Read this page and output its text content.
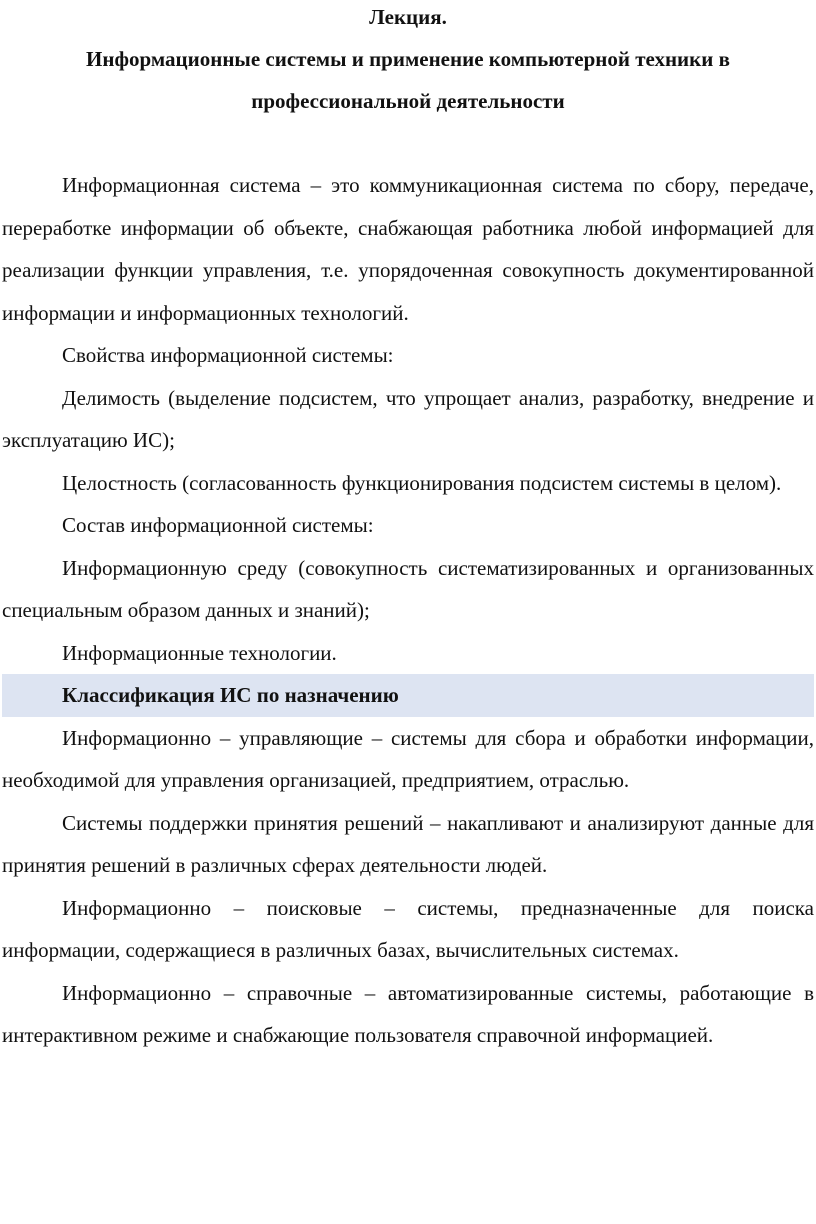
Лекция.

Информационные системы и применение компьютерной техники в профессиональной деятельности

Информационная система – это коммуникационная система по сбору, передаче, переработке информации об объекте, снабжающая работника любой информацией для реализации функции управления, т.е. упорядоченная совокупность документированной информации и информационных технологий.

Свойства информационной системы:

Делимость (выделение подсистем, что упрощает анализ, разработку, внедрение и эксплуатацию ИС);

Целостность (согласованность функционирования подсистем системы в целом).

Состав информационной системы:

Информационную среду (совокупность систематизированных и организованных специальным образом данных и знаний);

Информационные технологии.

Классификация ИС по назначению

Информационно – управляющие – системы для сбора и обработки информации, необходимой для управления организацией, предприятием, отраслью.

Системы поддержки принятия решений – накапливают и анализируют данные для принятия решений в различных сферах деятельности людей.

Информационно – поисковые – системы, предназначенные для поиска информации, содержащиеся в различных базах, вычислительных системах.

Информационно – справочные – автоматизированные системы, работающие в интерактивном режиме и снабжающие пользователя справочной информацией.
